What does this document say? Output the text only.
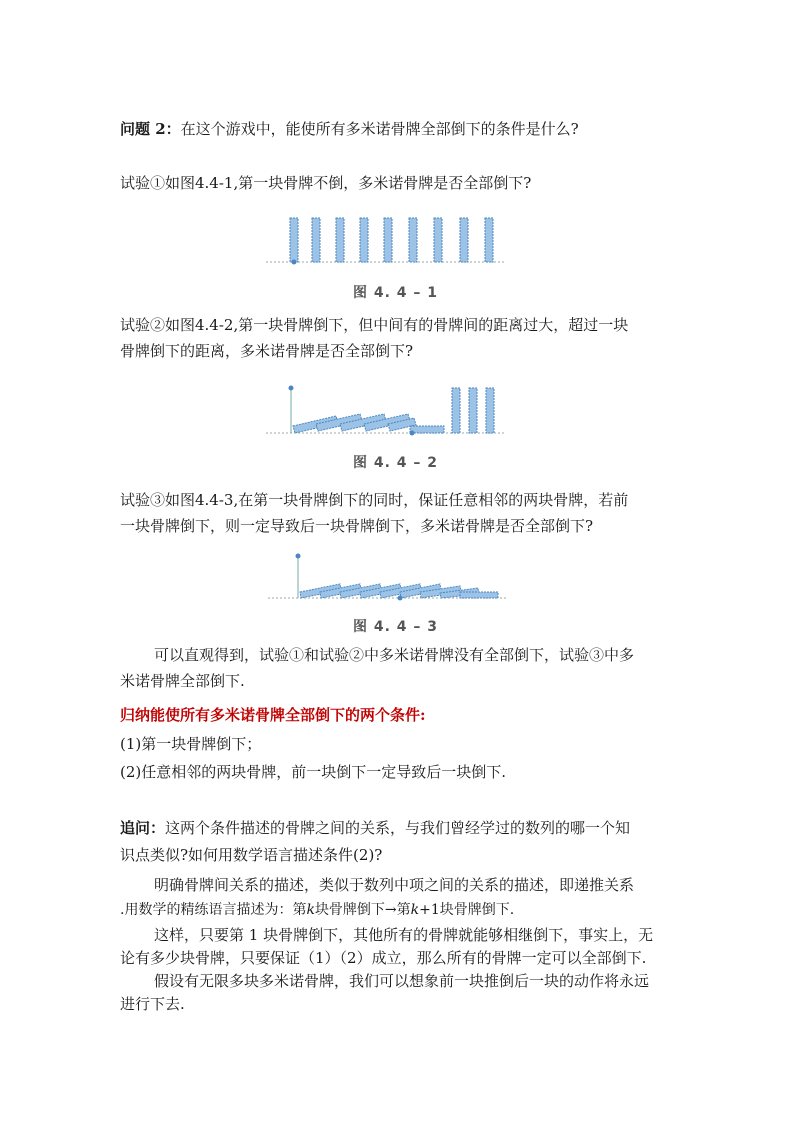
问题 2：在这个游戏中，能使所有多米诺骨牌全部倒下的条件是什么?
试验①如图4.4-1,第一块骨牌不倒，多米诺骨牌是否全部倒下?
图 4. 4 – 1
试验②如图4.4-2,第一块骨牌倒下，但中间有的骨牌间的距离过大，超过一块
骨牌倒下的距离，多米诺骨牌是否全部倒下?
图 4. 4 – 2
试验③如图4.4-3,在第一块骨牌倒下的同时，保证任意相邻的两块骨牌，若前
一块骨牌倒下，则一定导致后一块骨牌倒下，多米诺骨牌是否全部倒下?
图 4. 4 – 3
可以直观得到，试验①和试验②中多米诺骨牌没有全部倒下，试验③中多
米诺骨牌全部倒下.
归纳能使所有多米诺骨牌全部倒下的两个条件:
(1)第一块骨牌倒下；
(2)任意相邻的两块骨牌，前一块倒下一定导致后一块倒下.
追问：这两个条件描述的骨牌之间的关系，与我们曾经学过的数列的哪一个知
识点类似?如何用数学语言描述条件(2)?
明确骨牌间关系的描述，类似于数列中项之间的关系的描述，即递推关系
.用数学的精练语言描述为：第k块骨牌倒下→第k+1块骨牌倒下.
这样，只要第 1 块骨牌倒下，其他所有的骨牌就能够相继倒下，事实上，无
论有多少块骨牌，只要保证（1）（2）成立，那么所有的骨牌一定可以全部倒下.
假设有无限多块多米诺骨牌，我们可以想象前一块推倒后一块的动作将永远
进行下去.
